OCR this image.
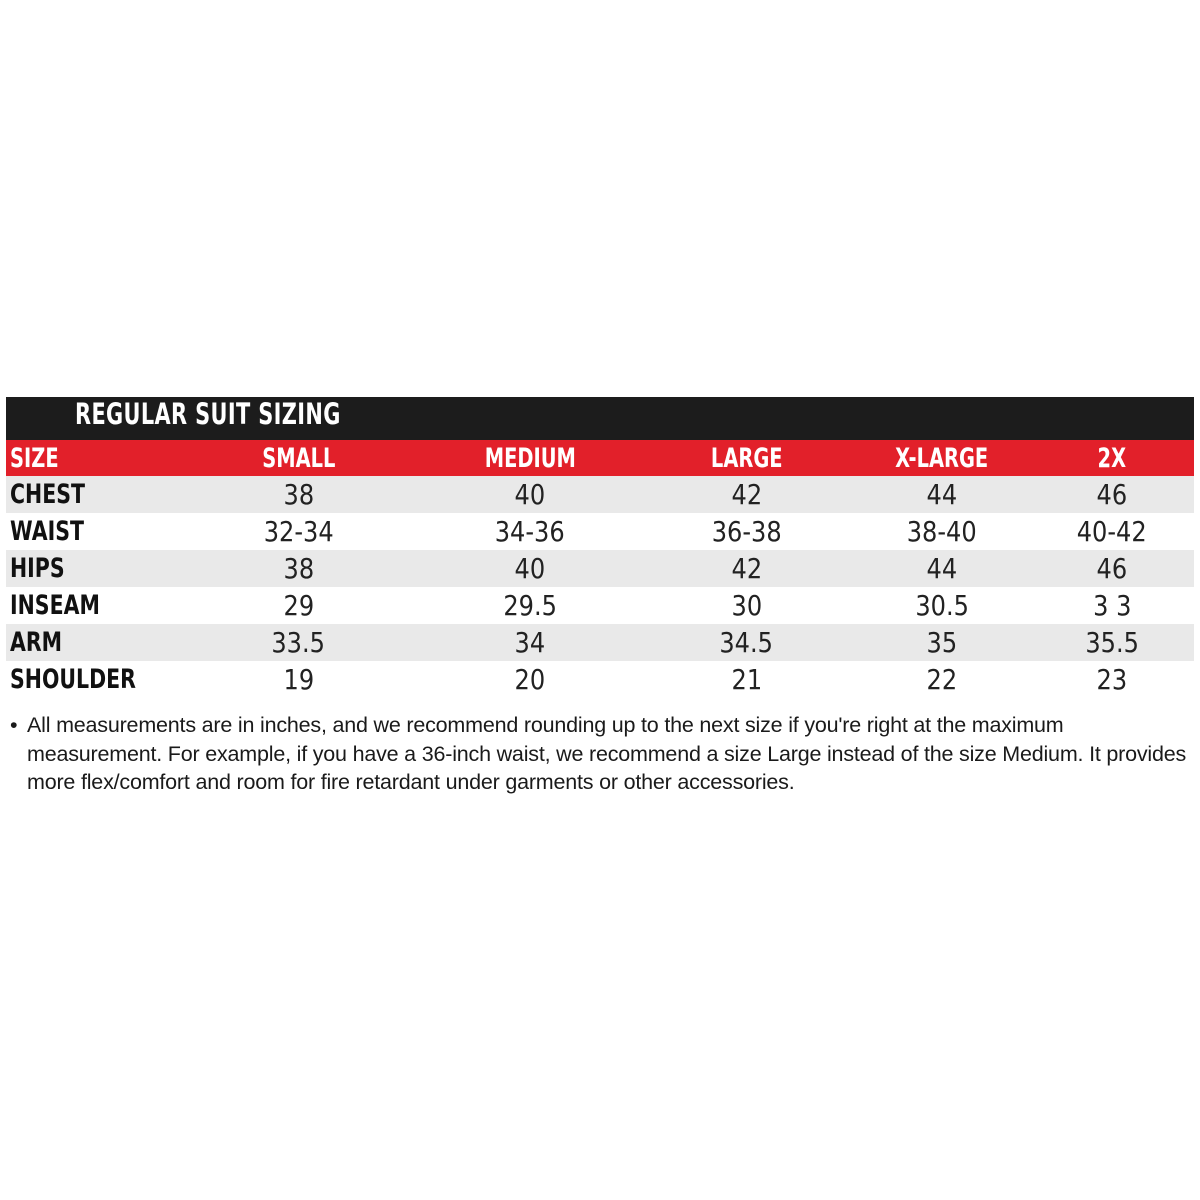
REGULAR SUIT SIZING
SIZE	SMALL	MEDIUM	LARGE	X-LARGE	2X
CHEST	38	40	42	44	46
WAIST	32-34	34-36	36-38	38-40	40-42
HIPS	38	40	42	44	46
INSEAM	29	29.5	30	30.5	3 3
ARM	33.5	34	34.5	35	35.5
SHOULDER	19	20	21	22	23
• All measurements are in inches, and we recommend rounding up to the next size if you're right at the maximum measurement. For example, if you have a 36-inch waist, we recommend a size Large instead of the size Medium. It provides more flex/comfort and room for fire retardant under garments or other accessories.
